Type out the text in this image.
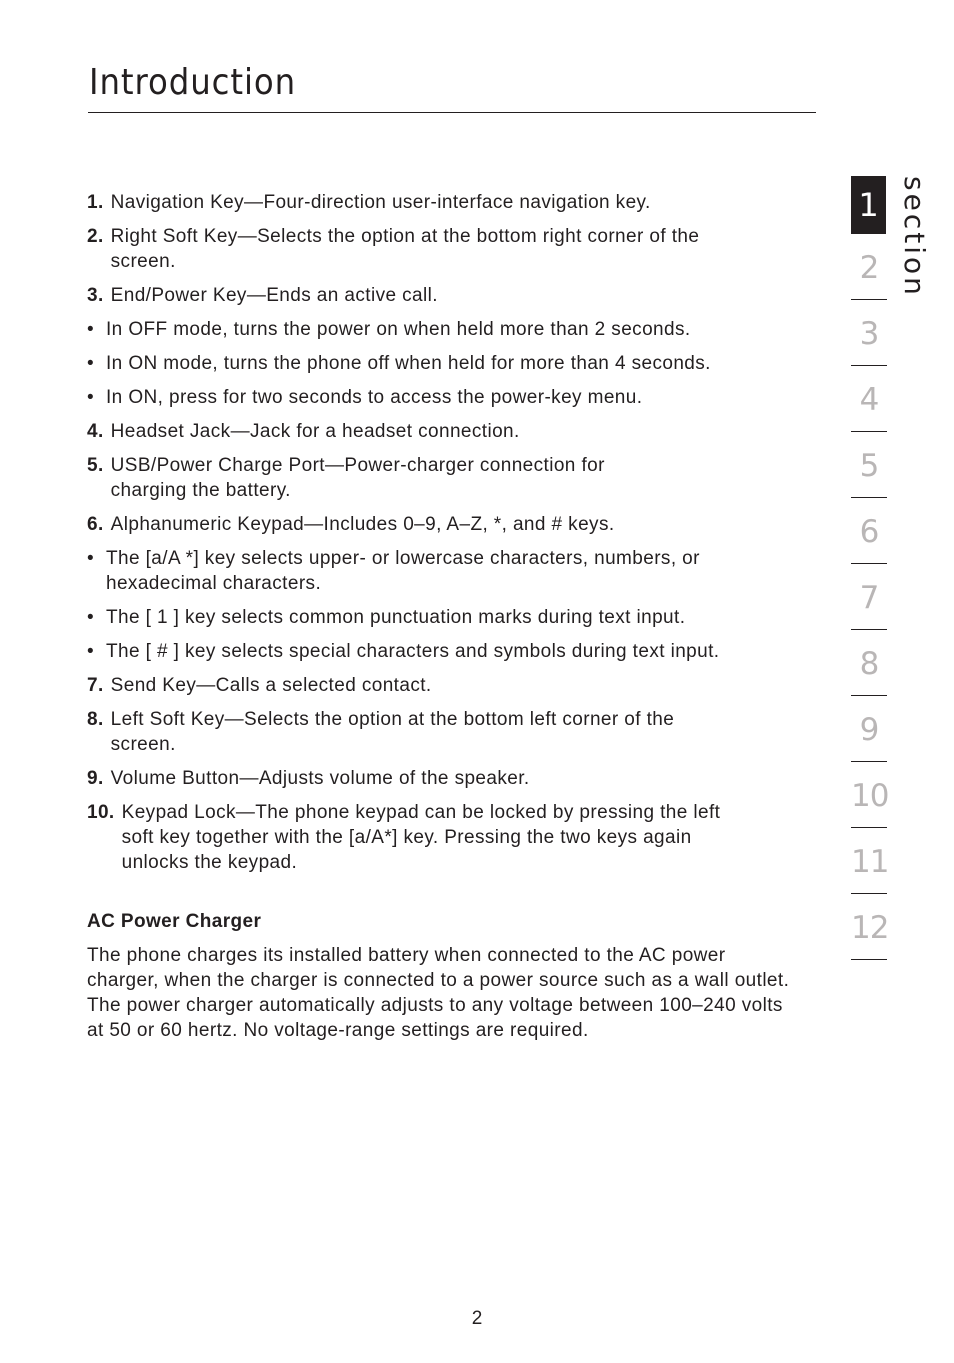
Introduction
1. Navigation Key—Four-direction user-interface navigation key.
2. Right Soft Key—Selects the option at the bottom right corner of the screen.
3. End/Power Key—Ends an active call.
• In OFF mode, turns the power on when held more than 2 seconds.
• In ON mode, turns the phone off when held for more than 4 seconds.
• In ON, press for two seconds to access the power-key menu.
4. Headset Jack—Jack for a headset connection.
5. USB/Power Charge Port—Power-charger connection for charging the battery.
6. Alphanumeric Keypad—Includes 0–9, A–Z, *, and # keys.
• The [a/A *] key selects upper- or lowercase characters, numbers, or hexadecimal characters.
• The [ 1 ] key selects common punctuation marks during text input.
• The [ # ] key selects special characters and symbols during text input.
7. Send Key—Calls a selected contact.
8. Left Soft Key—Selects the option at the bottom left corner of the screen.
9. Volume Button—Adjusts volume of the speaker.
10. Keypad Lock—The phone keypad can be locked by pressing the left soft key together with the [a/A*] key. Pressing the two keys again unlocks the keypad.
AC Power Charger

The phone charges its installed battery when connected to the AC power charger, when the charger is connected to a power source such as a wall outlet. The power charger automatically adjusts to any voltage between 100–240 volts at 50 or 60 hertz. No voltage-range settings are required.

1
2
3
4
5
6
7
8
9
10
11
12
section
2
